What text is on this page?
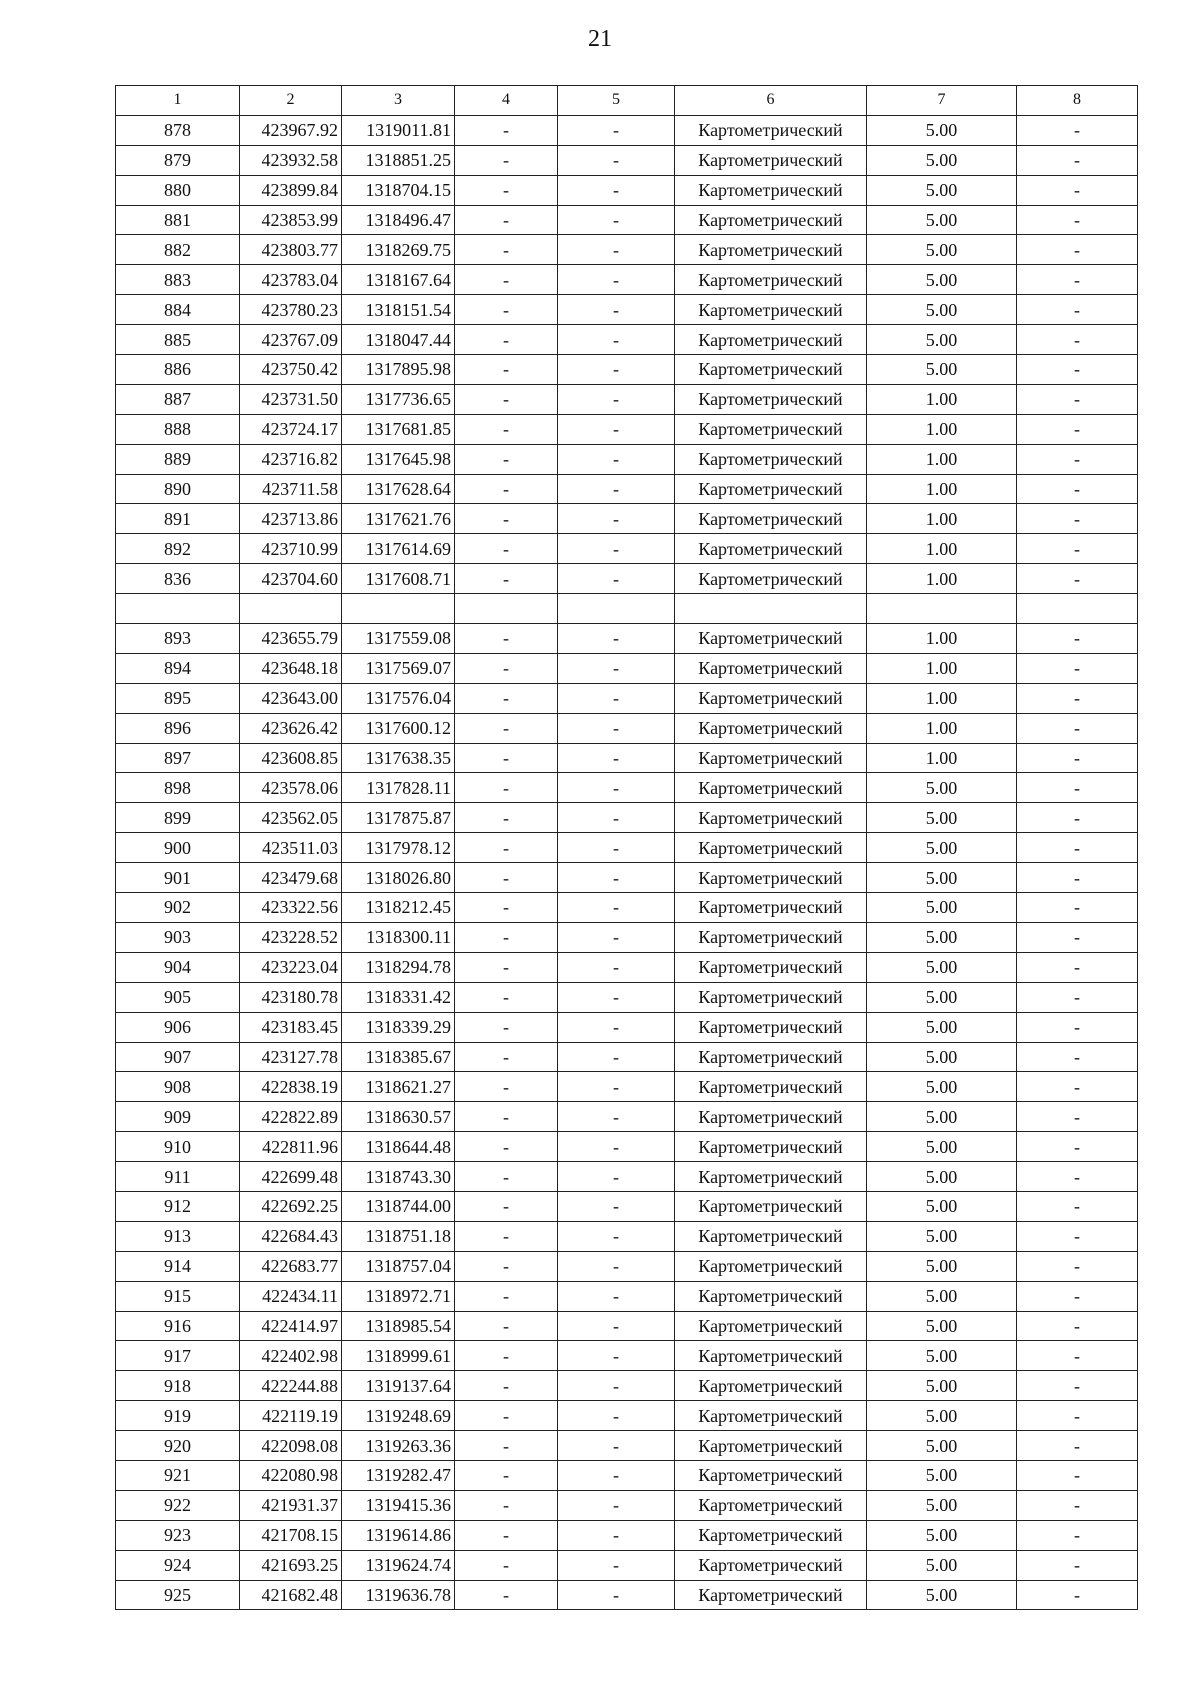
21
1	2	3	4	5	6	7	8
878	423967.92	1319011.81	-	-	Картометрический	5.00	-
879	423932.58	1318851.25	-	-	Картометрический	5.00	-
880	423899.84	1318704.15	-	-	Картометрический	5.00	-
881	423853.99	1318496.47	-	-	Картометрический	5.00	-
882	423803.77	1318269.75	-	-	Картометрический	5.00	-
883	423783.04	1318167.64	-	-	Картометрический	5.00	-
884	423780.23	1318151.54	-	-	Картометрический	5.00	-
885	423767.09	1318047.44	-	-	Картометрический	5.00	-
886	423750.42	1317895.98	-	-	Картометрический	5.00	-
887	423731.50	1317736.65	-	-	Картометрический	1.00	-
888	423724.17	1317681.85	-	-	Картометрический	1.00	-
889	423716.82	1317645.98	-	-	Картометрический	1.00	-
890	423711.58	1317628.64	-	-	Картометрический	1.00	-
891	423713.86	1317621.76	-	-	Картометрический	1.00	-
892	423710.99	1317614.69	-	-	Картометрический	1.00	-
836	423704.60	1317608.71	-	-	Картометрический	1.00	-

893	423655.79	1317559.08	-	-	Картометрический	1.00	-
894	423648.18	1317569.07	-	-	Картометрический	1.00	-
895	423643.00	1317576.04	-	-	Картометрический	1.00	-
896	423626.42	1317600.12	-	-	Картометрический	1.00	-
897	423608.85	1317638.35	-	-	Картометрический	1.00	-
898	423578.06	1317828.11	-	-	Картометрический	5.00	-
899	423562.05	1317875.87	-	-	Картометрический	5.00	-
900	423511.03	1317978.12	-	-	Картометрический	5.00	-
901	423479.68	1318026.80	-	-	Картометрический	5.00	-
902	423322.56	1318212.45	-	-	Картометрический	5.00	-
903	423228.52	1318300.11	-	-	Картометрический	5.00	-
904	423223.04	1318294.78	-	-	Картометрический	5.00	-
905	423180.78	1318331.42	-	-	Картометрический	5.00	-
906	423183.45	1318339.29	-	-	Картометрический	5.00	-
907	423127.78	1318385.67	-	-	Картометрический	5.00	-
908	422838.19	1318621.27	-	-	Картометрический	5.00	-
909	422822.89	1318630.57	-	-	Картометрический	5.00	-
910	422811.96	1318644.48	-	-	Картометрический	5.00	-
911	422699.48	1318743.30	-	-	Картометрический	5.00	-
912	422692.25	1318744.00	-	-	Картометрический	5.00	-
913	422684.43	1318751.18	-	-	Картометрический	5.00	-
914	422683.77	1318757.04	-	-	Картометрический	5.00	-
915	422434.11	1318972.71	-	-	Картометрический	5.00	-
916	422414.97	1318985.54	-	-	Картометрический	5.00	-
917	422402.98	1318999.61	-	-	Картометрический	5.00	-
918	422244.88	1319137.64	-	-	Картометрический	5.00	-
919	422119.19	1319248.69	-	-	Картометрический	5.00	-
920	422098.08	1319263.36	-	-	Картометрический	5.00	-
921	422080.98	1319282.47	-	-	Картометрический	5.00	-
922	421931.37	1319415.36	-	-	Картометрический	5.00	-
923	421708.15	1319614.86	-	-	Картометрический	5.00	-
924	421693.25	1319624.74	-	-	Картометрический	5.00	-
925	421682.48	1319636.78	-	-	Картометрический	5.00	-
